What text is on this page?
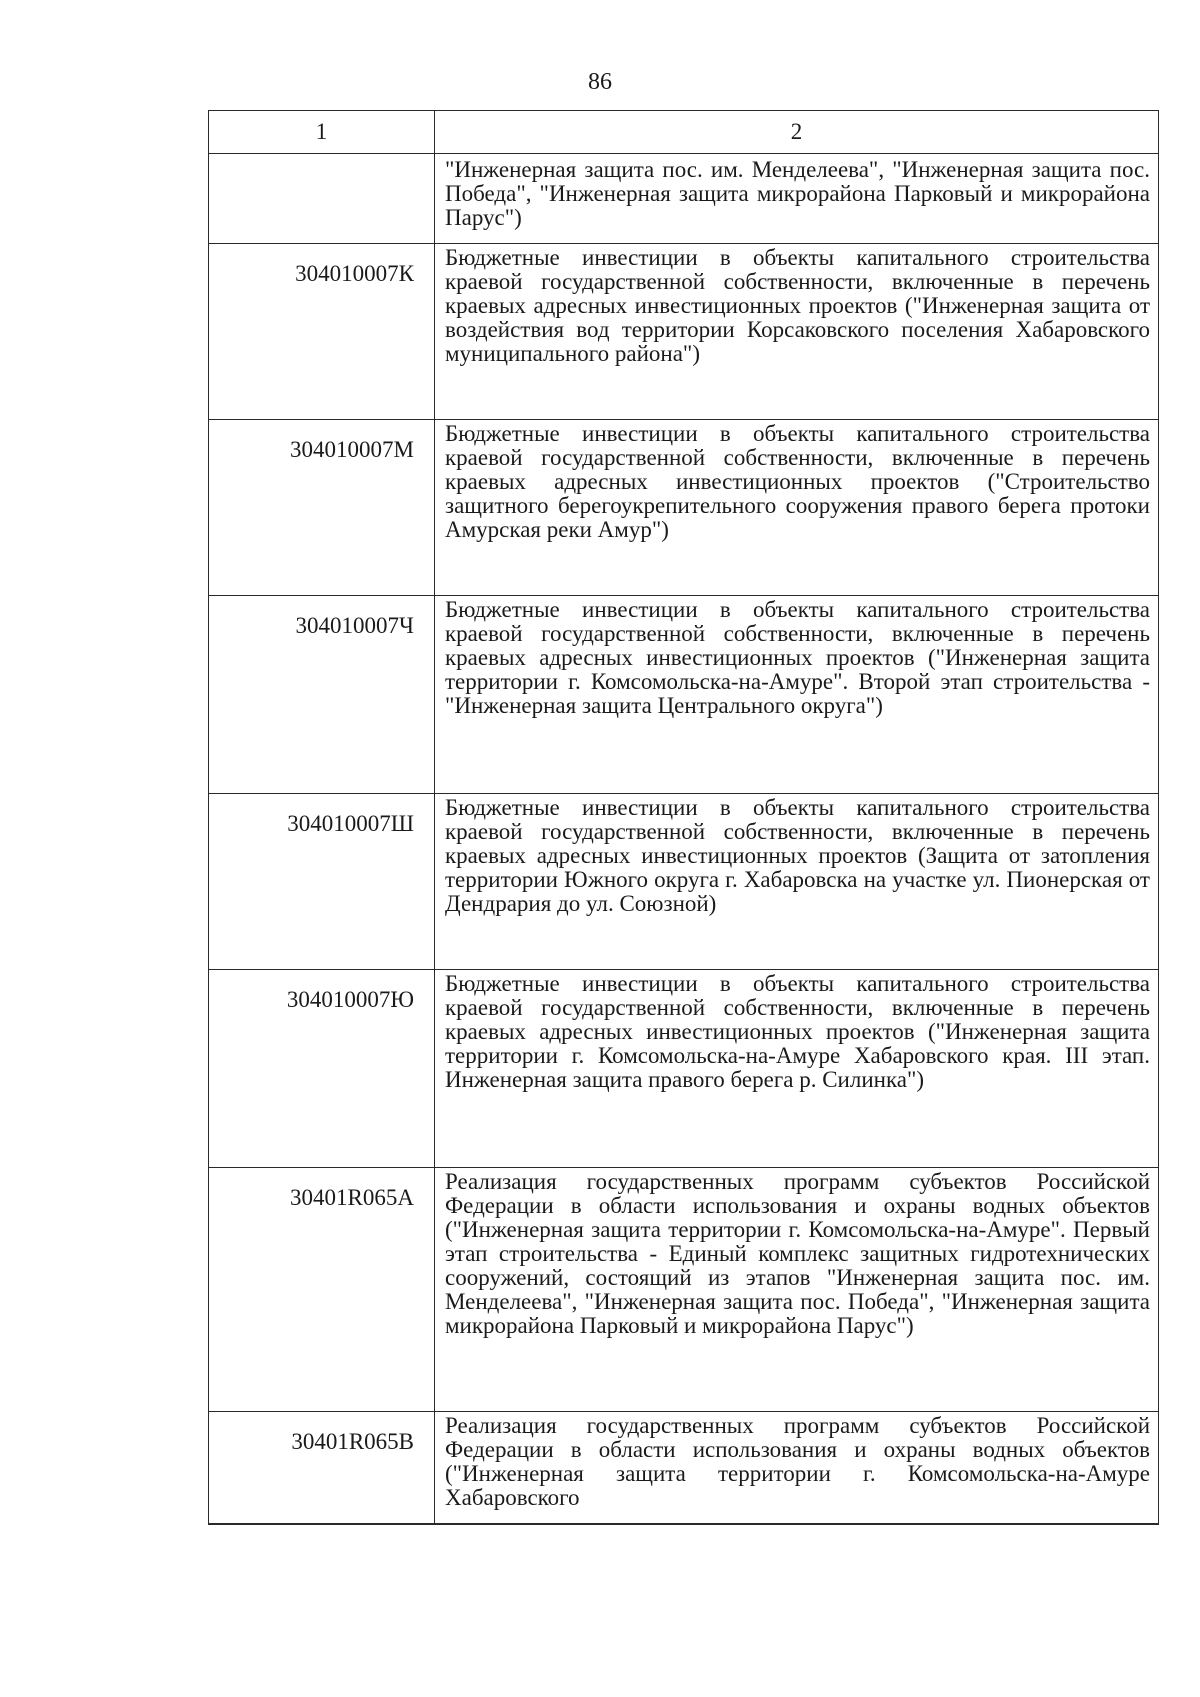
86
1	2
	"Инженерная защита пос. им. Менделеева", "Инженерная защита пос. Победа", "Инженерная защита микрорайона Парковый и микрорайона Парус")
304010007К	Бюджетные инвестиции в объекты капитального строительства краевой государственной собственности, включенные в перечень краевых адресных инвестиционных проектов ("Инженерная защита от воздействия вод территории Корсаковского поселения Хабаровского муниципального района")
304010007М	Бюджетные инвестиции в объекты капитального строительства краевой государственной собственности, включенные в перечень краевых адресных инвестиционных проектов ("Строительство защитного берегоукрепительного сооружения правого берега протоки Амурская реки Амур")
304010007Ч	Бюджетные инвестиции в объекты капитального строительства краевой государственной собственности, включенные в перечень краевых адресных инвестиционных проектов ("Инженерная защита территории г. Комсомольска-на-Амуре". Второй этап строительства - "Инженерная защита Центрального округа")
304010007Ш	Бюджетные инвестиции в объекты капитального строительства краевой государственной собственности, включенные в перечень краевых адресных инвестиционных проектов (Защита от затопления территории Южного округа г. Хабаровска на участке ул. Пионерская от Дендрария до ул. Союзной)
304010007Ю	Бюджетные инвестиции в объекты капитального строительства краевой государственной собственности, включенные в перечень краевых адресных инвестиционных проектов ("Инженерная защита территории г. Комсомольска-на-Амуре Хабаровского края. III этап. Инженерная защита правого берега р. Силинка")
30401R065A	Реализация государственных программ субъектов Российской Федерации в области использования и охраны водных объектов ("Инженерная защита территории г. Комсомольска-на-Амуре". Первый этап строительства - Единый комплекс защитных гидротехнических сооружений, состоящий из этапов "Инженерная защита пос. им. Менделеева", "Инженерная защита пос. Победа", "Инженерная защита микрорайона Парковый и микрорайона Парус")
30401R065B	Реализация государственных программ субъектов Российской Федерации в области использования и охраны водных объектов ("Инженерная защита территории г. Комсомольска-на-Амуре Хабаровского
